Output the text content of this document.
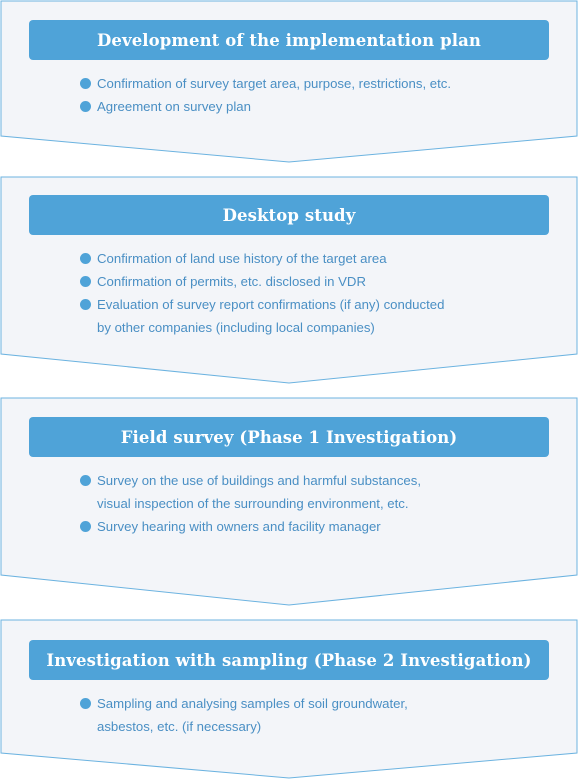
Development of the implementation plan
Confirmation of survey target area, purpose, restrictions, etc.
Agreement on survey plan
Desktop study
Confirmation of land use history of the target area
Confirmation of permits, etc. disclosed in VDR
Evaluation of survey report confirmations (if any) conducted
by other companies (including local companies)
Field survey (Phase 1 Investigation)
Survey on the use of buildings and harmful substances,
visual inspection of the surrounding environment, etc.
Survey hearing with owners and facility manager
Investigation with sampling (Phase 2 Investigation)
Sampling and analysing samples of soil groundwater,
asbestos, etc. (if necessary)
